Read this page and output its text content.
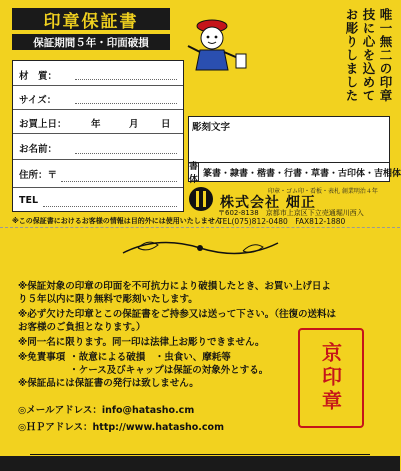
印章保証書
保証期間５年・印面破損	唯一無二の印章
技に心を込めて
お彫りしました
材　質：
サイズ：
お買上日：	年	月 日
お名前：
住所：〒
TEL
彫刻文字
書体
篆書・隷書・楷書・行書・草書・古印体・吉相体
印章・ゴム印・看板・表札 創業明治４年
株式会社 畑正
〒602-8138　京都市上京区下立売通堀川西入
TEL(075)812-0480　FAX812-1880
※この保証書におけるお客様の情報は目的外には使用いたしません

※保証対象の印章の印面を不可抗力により破損したとき、お買い上げ日より５年以内に限り無料で彫刻いたします。

※必ず欠けた印章とこの保証書をご持参又は送って下さい。（往復の送料はお客様のご負担となります。）

※同一名に限ります。同一印は法律上お彫りできません。

※免責事項 ・故意による破損　・虫食い、摩耗等
・ケース及びキャップは保証の対象外とする。

※保証品には保証書の発行は致しません。

◎メールアドレス：info@hatasho.cm
◎ＨＰアドレス：http://www.hatasho.com
京印章
